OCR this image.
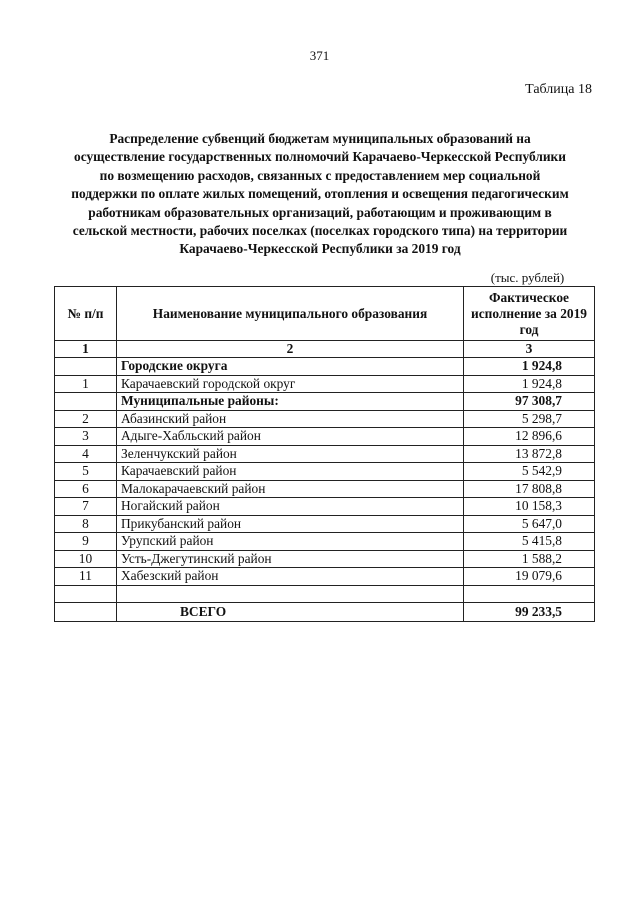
371
Таблица 18
Распределение субвенций бюджетам муниципальных образований на осуществление государственных полномочий Карачаево-Черкесской Республики по возмещению расходов, связанных с предоставлением мер социальной поддержки по оплате жилых помещений, отопления и освещения педагогическим работникам образовательных организаций, работающим и проживающим в сельской местности, рабочих поселках (поселках городского типа) на территории Карачаево-Черкесской Республики за 2019 год
(тыс. рублей)
№ п/п	Наименование муниципального образования	Фактическое исполнение за 2019 год
1	2	3
	Городские округа	1 924,8
1	Карачаевский городской округ	1 924,8
	Муниципальные районы:	97 308,7
2	Абазинский район	5 298,7
3	Адыге-Хабльский район	12 896,6
4	Зеленчукский район	13 872,8
5	Карачаевский район	5 542,9
6	Малокарачаевский район	17 808,8
7	Ногайский район	10 158,3
8	Прикубанский район	5 647,0
9	Урупский район	5 415,8
10	Усть-Джегутинский район	1 588,2
11	Хабезский район	19 079,6

	ВСЕГО	99 233,5
